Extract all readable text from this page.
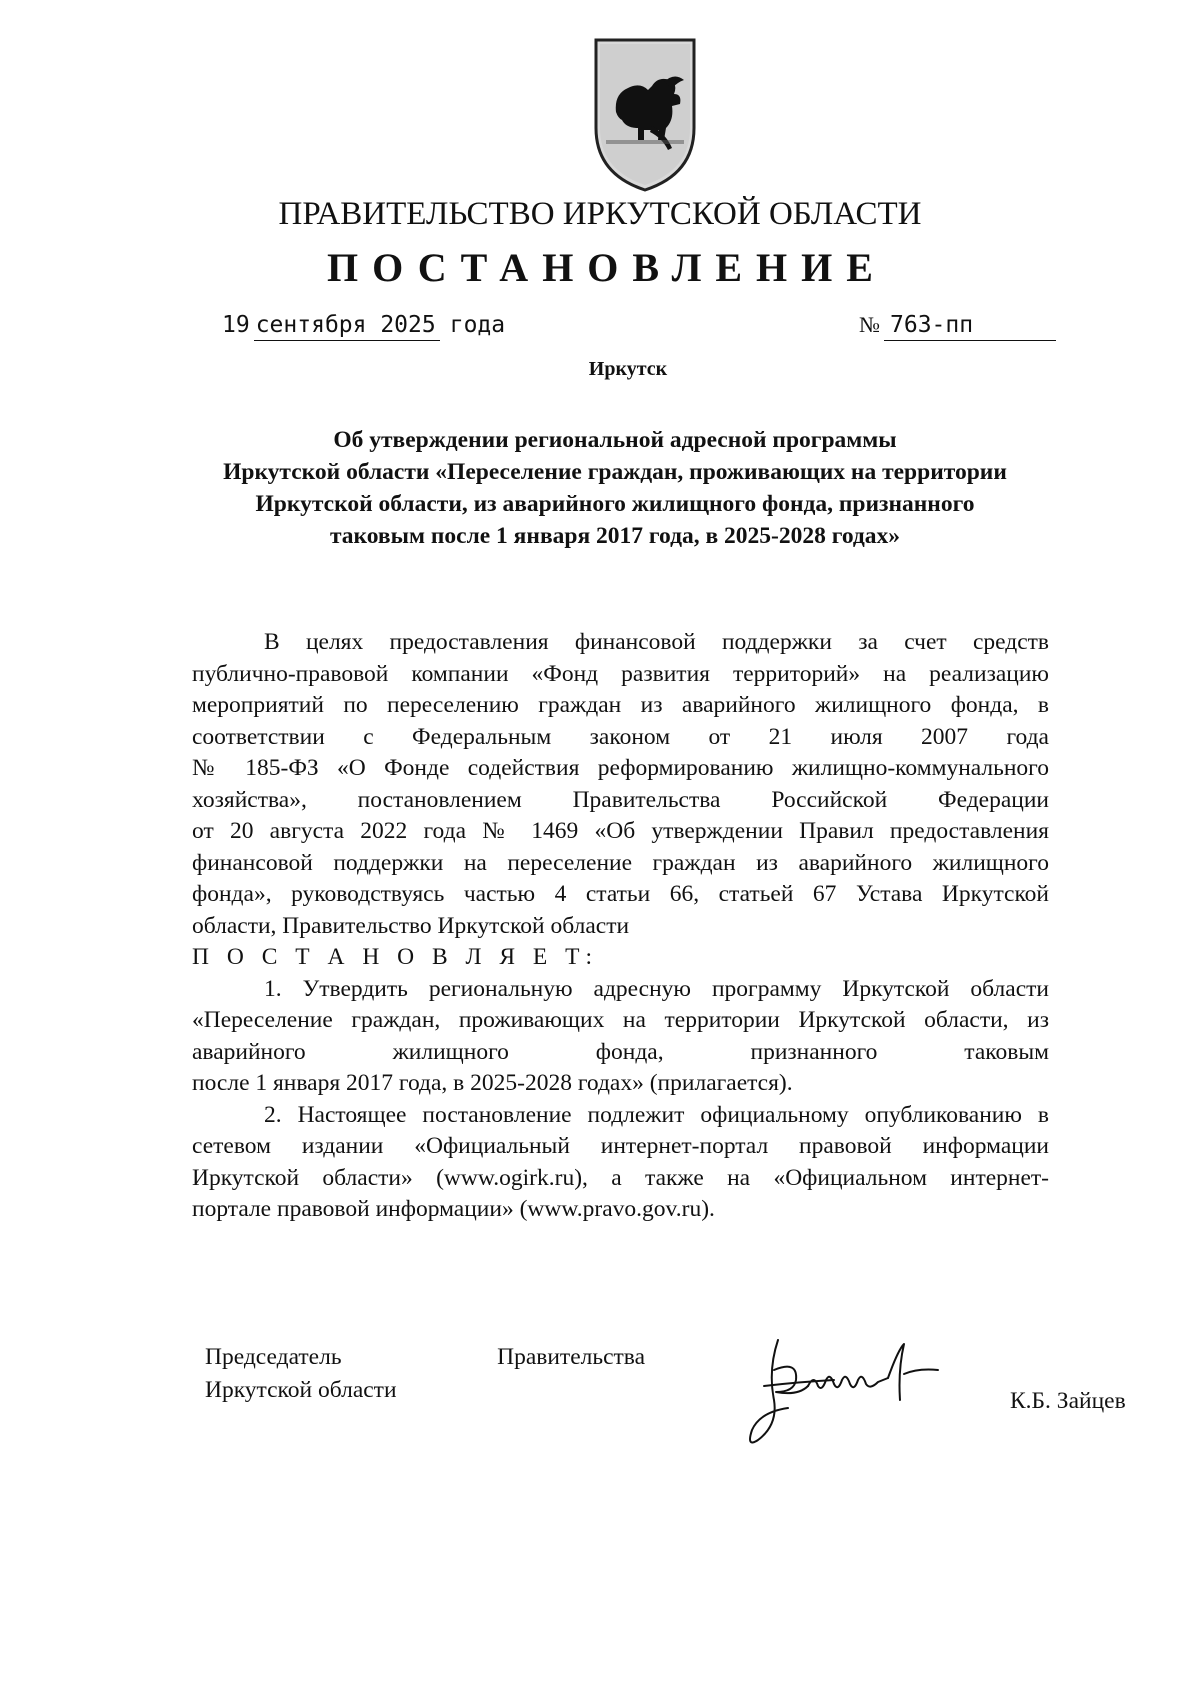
ПРАВИТЕЛЬСТВО ИРКУТСКОЙ ОБЛАСТИ
ПОСТАНОВЛЕНИЕ
19 сентября 2025 года	№ 763-пп
Иркутск
Об утверждении региональной адресной программы
Иркутской области «Переселение граждан, проживающих на территории
Иркутской области, из аварийного жилищного фонда, признанного
таковым после 1 января 2017 года, в 2025-2028 годах»

В целях предоставления финансовой поддержки за счет средств

публично-правовой компании «Фонд развития территорий» на реализацию

мероприятий по переселению граждан из аварийного жилищного фонда, в

соответствии с Федеральным законом от 21 июля 2007 года

№ 185-ФЗ «О Фонде содействия реформированию жилищно-коммунального

хозяйства», постановлением Правительства Российской Федерации

от 20 августа 2022 года № 1469 «Об утверждении Правил предоставления

финансовой поддержки на переселение граждан из аварийного жилищного

фонда», руководствуясь частью 4 статьи 66, статьей 67 Устава Иркутской

области, Правительство Иркутской области

П О С Т А Н О В Л Я Е Т:

1. Утвердить региональную адресную программу Иркутской области

«Переселение граждан, проживающих на территории Иркутской области, из

аварийного жилищного фонда, признанного таковым

после 1 января 2017 года, в 2025-2028 годах» (прилагается).

2. Настоящее постановление подлежит официальному опубликованию в

сетевом издании «Официальный интернет-портал правовой информации

Иркутской области» (www.ogirk.ru), а также на «Официальном интернет-

портале правовой информации» (www.pravo.gov.ru).

Председатель	Правительства
Иркутской области	К.Б. Зайцев
